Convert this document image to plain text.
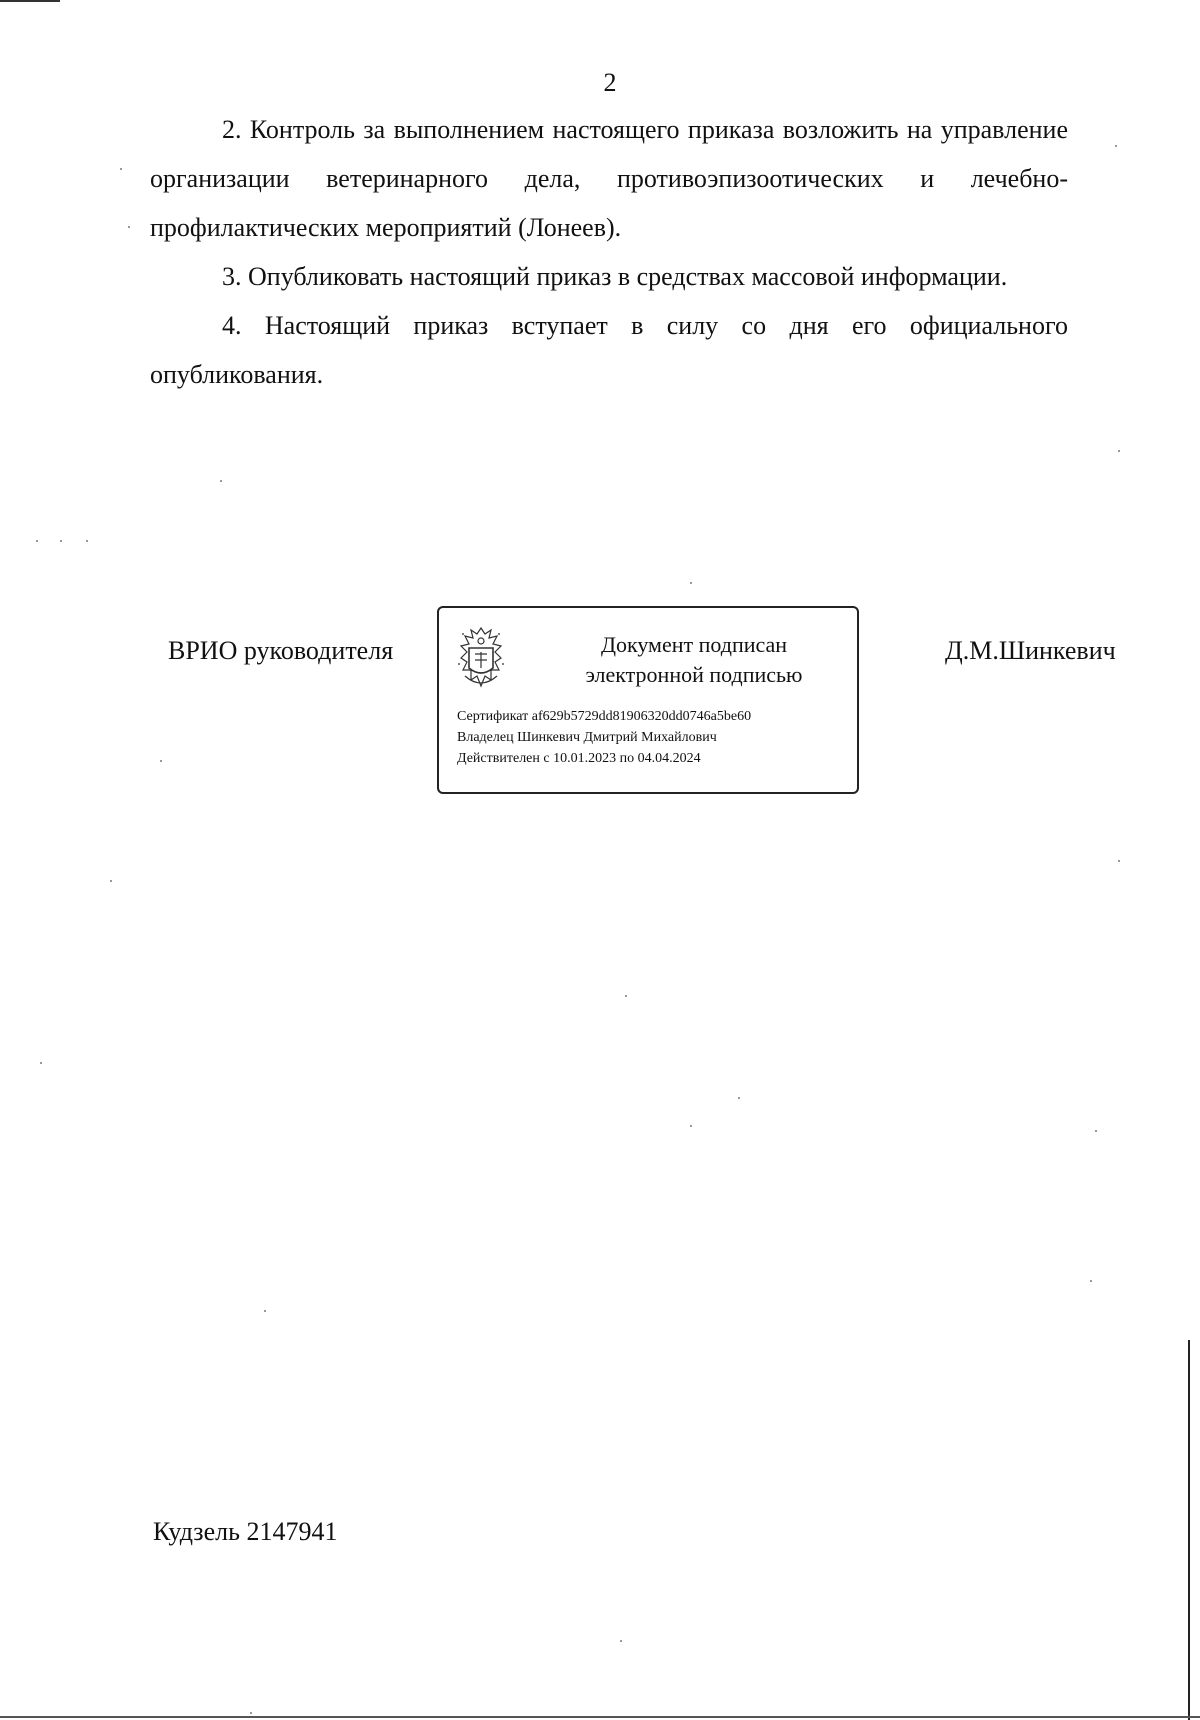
2

2. Контроль за выполнением настоящего приказа возложить на управление организации ветеринарного дела, противоэпизоотических и лечебно-профилактических мероприятий (Лонеев).

3. Опубликовать настоящий приказ в средствах массовой информации.

4. Настоящий приказ вступает в силу со дня его официального опубликования.

ВРИО руководителя	Документ подписан
электронной подписью
Сертификат af629b5729dd81906320dd0746a5be60
Владелец Шинкевич Дмитрий Михайлович
Действителен с 10.01.2023 по 04.04.2024
Д.М.Шинкевич
Кудзель 2147941
